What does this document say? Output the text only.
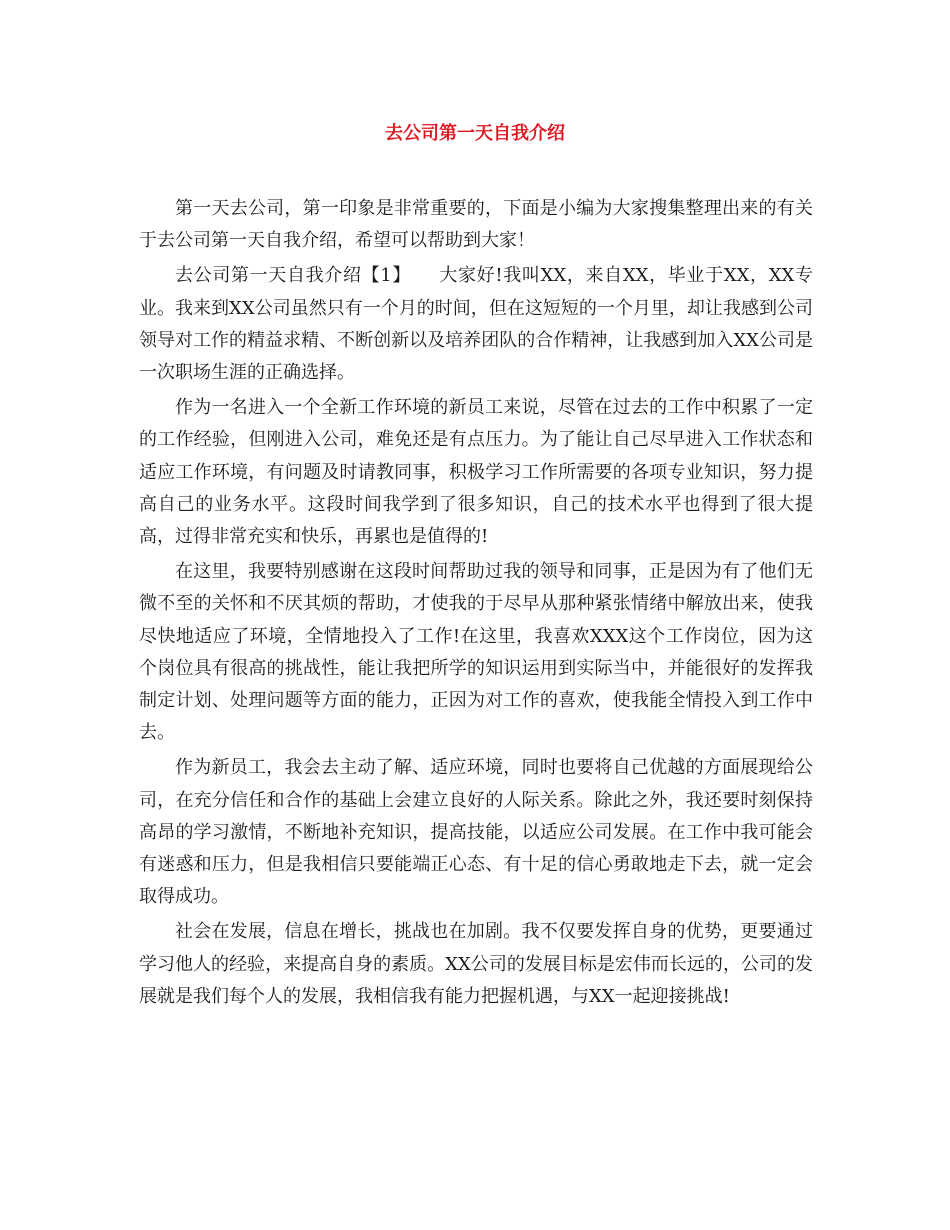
去公司第一天自我介绍

第一天去公司，第一印象是非常重要的，下面是小编为大家搜集整理出来的有关于去公司第一天自我介绍，希望可以帮助到大家！

去公司第一天自我介绍【1】　　大家好!我叫XX，来自XX，毕业于XX，XX专业。我来到XX公司虽然只有一个月的时间，但在这短短的一个月里，却让我感到公司领导对工作的精益求精、不断创新以及培养团队的合作精神，让我感到加入XX公司是一次职场生涯的正确选择。

作为一名进入一个全新工作环境的新员工来说，尽管在过去的工作中积累了一定的工作经验，但刚进入公司，难免还是有点压力。为了能让自己尽早进入工作状态和适应工作环境，有问题及时请教同事，积极学习工作所需要的各项专业知识，努力提高自己的业务水平。这段时间我学到了很多知识，自己的技术水平也得到了很大提高，过得非常充实和快乐，再累也是值得的!

在这里，我要特别感谢在这段时间帮助过我的领导和同事，正是因为有了他们无微不至的关怀和不厌其烦的帮助，才使我的于尽早从那种紧张情绪中解放出来，使我尽快地适应了环境，全情地投入了工作!在这里，我喜欢XXX这个工作岗位，因为这个岗位具有很高的挑战性，能让我把所学的知识运用到实际当中，并能很好的发挥我制定计划、处理问题等方面的能力，正因为对工作的喜欢，使我能全情投入到工作中去。

作为新员工，我会去主动了解、适应环境，同时也要将自己优越的方面展现给公司，在充分信任和合作的基础上会建立良好的人际关系。除此之外，我还要时刻保持高昂的学习激情，不断地补充知识，提高技能，以适应公司发展。在工作中我可能会有迷惑和压力，但是我相信只要能端正心态、有十足的信心勇敢地走下去，就一定会取得成功。

社会在发展，信息在增长，挑战也在加剧。我不仅要发挥自身的优势，更要通过学习他人的经验，来提高自身的素质。XX公司的发展目标是宏伟而长远的，公司的发展就是我们每个人的发展，我相信我有能力把握机遇，与XX一起迎接挑战!
